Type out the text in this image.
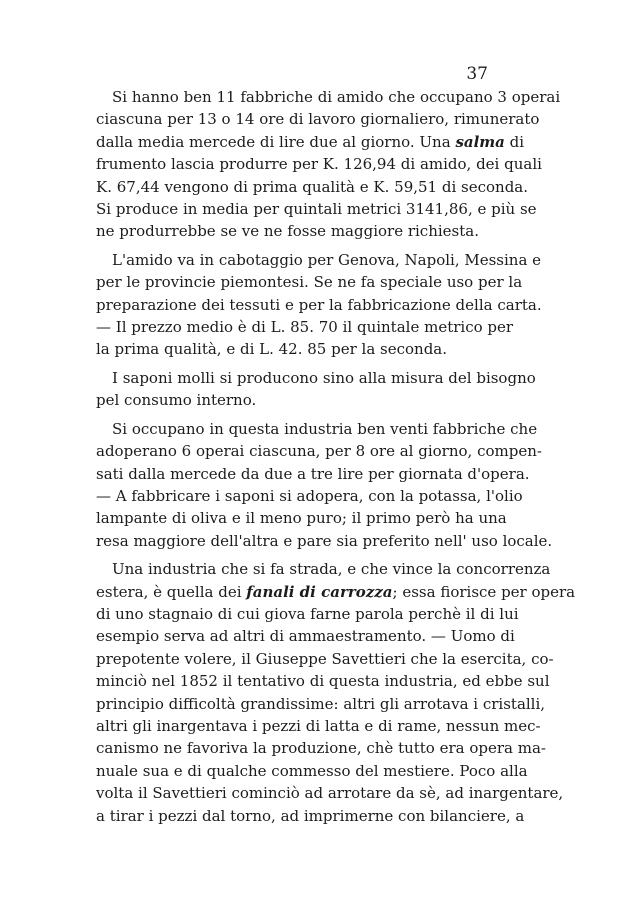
37

Si hanno ben 11 fabbriche di amido che occupano 3 operai
ciascuna per 13 o 14 ore di lavoro giornaliero, rimunerato
dalla media mercede di lire due al giorno. Una salma di
frumento lascia produrre per K. 126,94 di amido, dei quali
K. 67,44 vengono di prima qualità e K. 59,51 di seconda.
Si produce in media per quintali metrici 3141,86, e più se
ne produrrebbe se ve ne fosse maggiore richiesta.

L'amido va in cabotaggio per Genova, Napoli, Messina e
per le provincie piemontesi. Se ne fa speciale uso per la
preparazione dei tessuti e per la fabbricazione della carta.
— Il prezzo medio è di L. 85. 70 il quintale metrico per
la prima qualità, e di L. 42. 85 per la seconda.

I saponi molli si producono sino alla misura del bisogno
pel consumo interno.

Si occupano in questa industria ben venti fabbriche che
adoperano 6 operai ciascuna, per 8 ore al giorno, compen-
sati dalla mercede da due a tre lire per giornata d'opera.
— A fabbricare i saponi si adopera, con la potassa, l'olio
lampante di oliva e il meno puro; il primo però ha una
resa maggiore dell'altra e pare sia preferito nell' uso locale.

Una industria che si fa strada, e che vince la concorrenza
estera, è quella dei fanali di carrozza; essa fiorisce per opera
di uno stagnaio di cui giova farne parola perchè il di lui
esempio serva ad altri di ammaestramento. — Uomo di
prepotente volere, il Giuseppe Savettieri che la esercita, co-
minciò nel 1852 il tentativo di questa industria, ed ebbe sul
principio difficoltà grandissime: altri gli arrotava i cristalli,
altri gli inargentava i pezzi di latta e di rame, nessun mec-
canismo ne favoriva la produzione, chè tutto era opera ma-
nuale sua e di qualche commesso del mestiere. Poco alla
volta il Savettieri cominciò ad arrotare da sè, ad inargentare,
a tirar i pezzi dal torno, ad imprimerne con bilanciere, a
